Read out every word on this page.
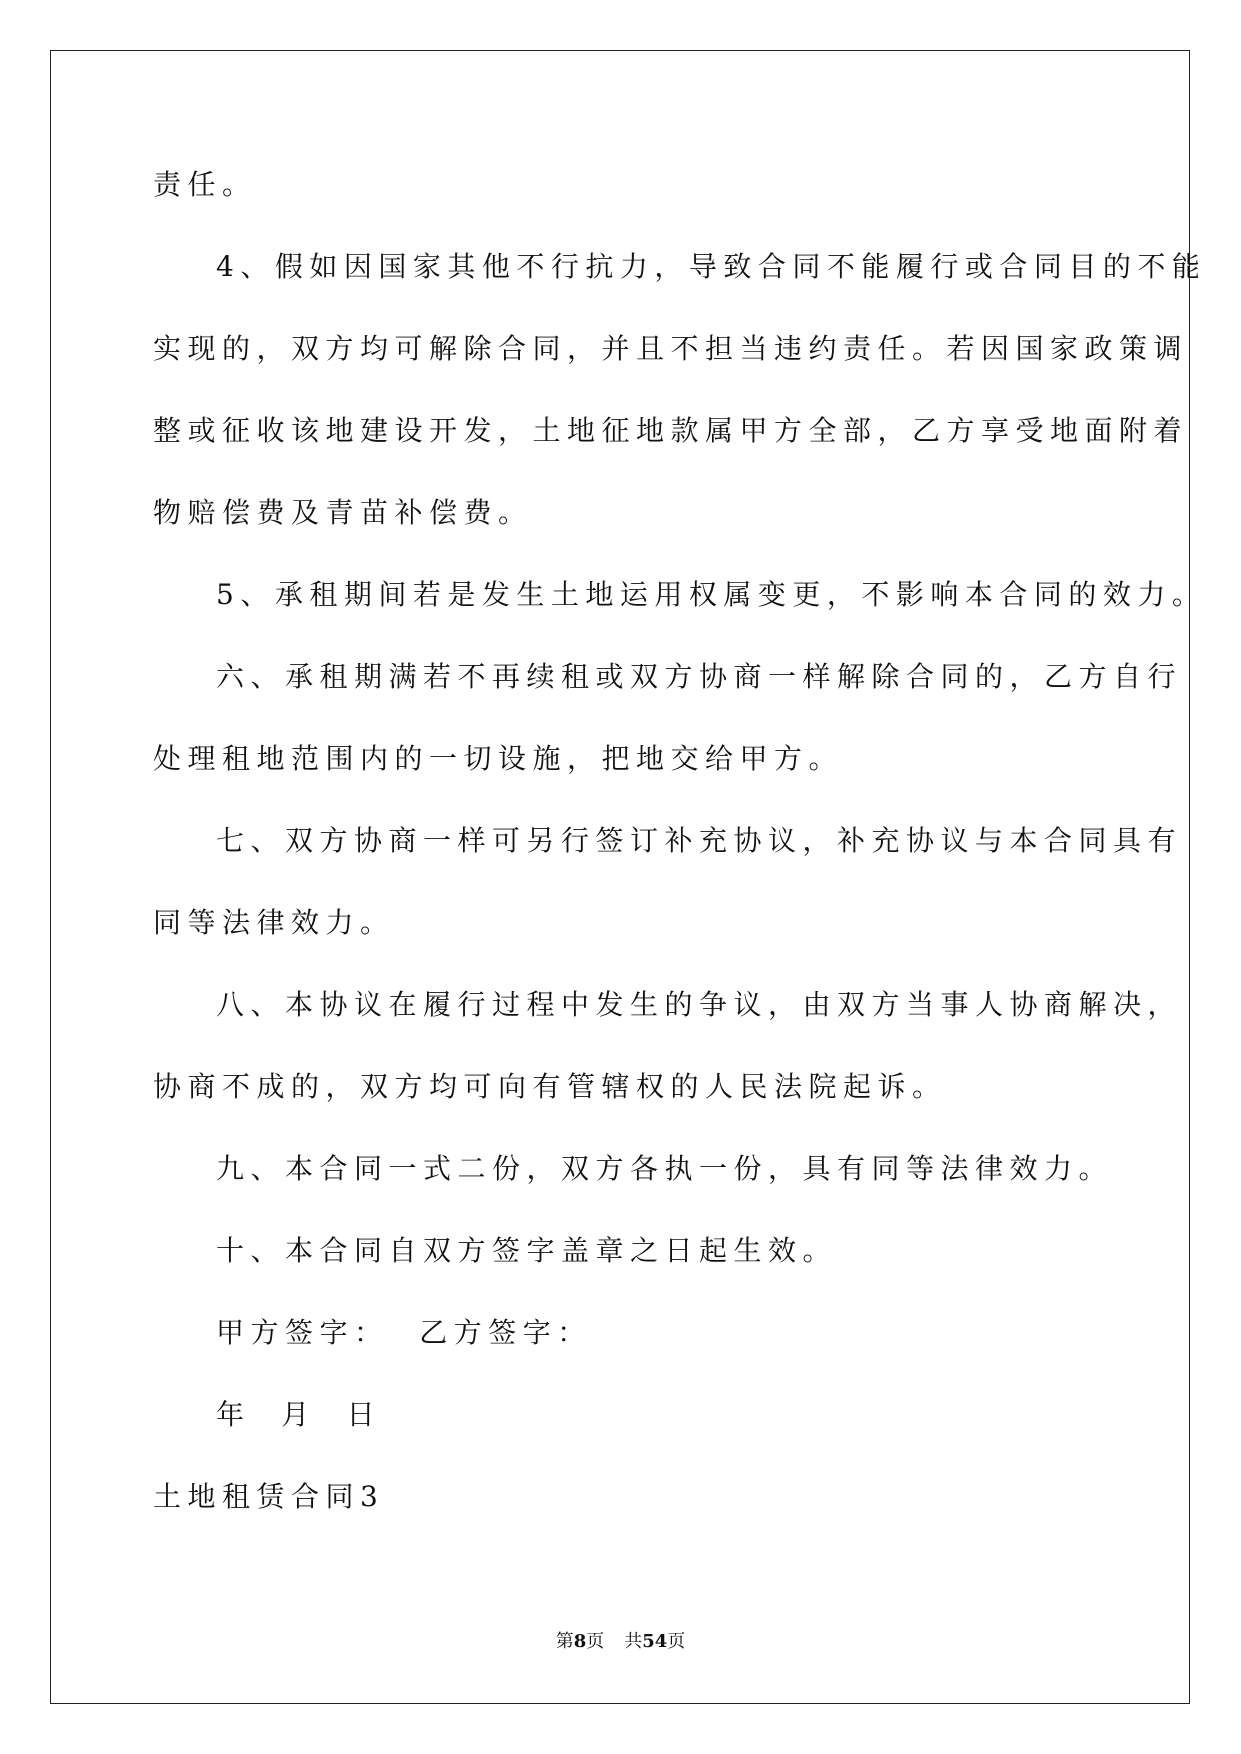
责任。
4、假如因国家其他不行抗力，导致合同不能履行或合同目的不能
实现的，双方均可解除合同，并且不担当违约责任。若因国家政策调
整或征收该地建设开发，土地征地款属甲方全部，乙方享受地面附着
物赔偿费及青苗补偿费。
5、承租期间若是发生土地运用权属变更，不影响本合同的效力。
六、承租期满若不再续租或双方协商一样解除合同的，乙方自行
处理租地范围内的一切设施，把地交给甲方。
七、双方协商一样可另行签订补充协议，补充协议与本合同具有
同等法律效力。
八、本协议在履行过程中发生的争议，由双方当事人协商解决，
协商不成的，双方均可向有管辖权的人民法院起诉。
九、本合同一式二份，双方各执一份，具有同等法律效力。
十、本合同自双方签字盖章之日起生效。
甲方签字：  乙方签字：
年  月  日
土地租赁合同3
第8页 共54页
